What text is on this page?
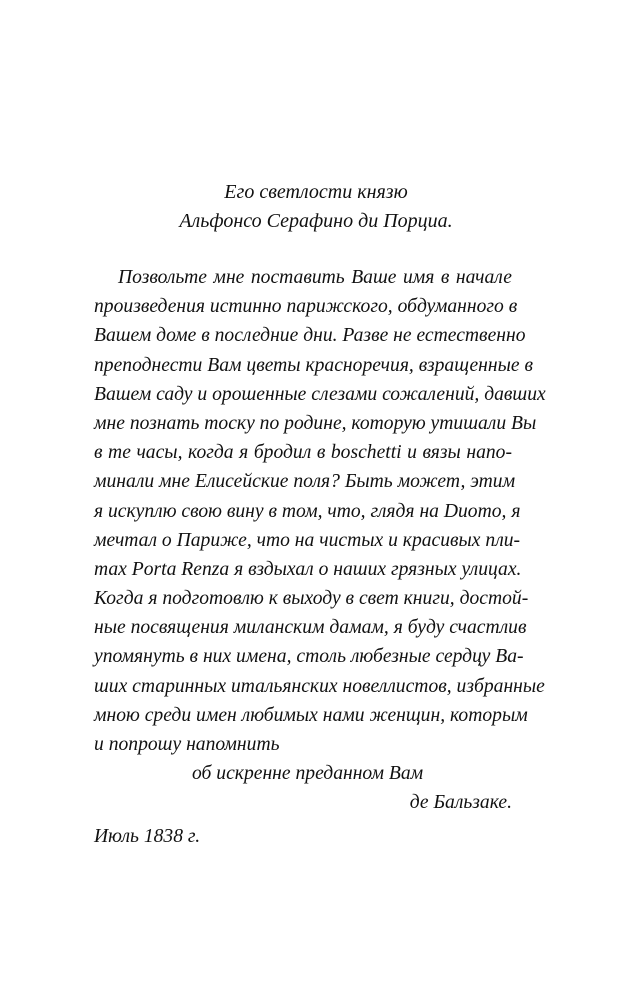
Его светлости князю
Альфонсо Серафино ди Порциа.
Позвольте мне поставить Ваше имя в начале
произведения истинно парижского, обдуманного в
Вашем доме в последние дни. Разве не естественно
преподнести Вам цветы красноречия, взращенные в
Вашем саду и орошенные слезами сожалений, давших
мне познать тоску по родине, которую утишали Вы
в те часы, когда я бродил в boschetti и вязы напо-
минали мне Елисейские поля? Быть может, этим
я искуплю свою вину в том, что, глядя на Duomo, я
мечтал о Париже, что на чистых и красивых пли-
тах Porta Renza я вздыхал о наших грязных улицах.
Когда я подготовлю к выходу в свет книги, достой-
ные посвящения миланским дамам, я буду счастлив
упомянуть в них имена, столь любезные сердцу Ва-
ших старинных итальянских новеллистов, избранные
мною среди имен любимых нами женщин, которым
и попрошу напомнить
об искренне преданном Вам
де Бальзаке.
Июль 1838 г.
